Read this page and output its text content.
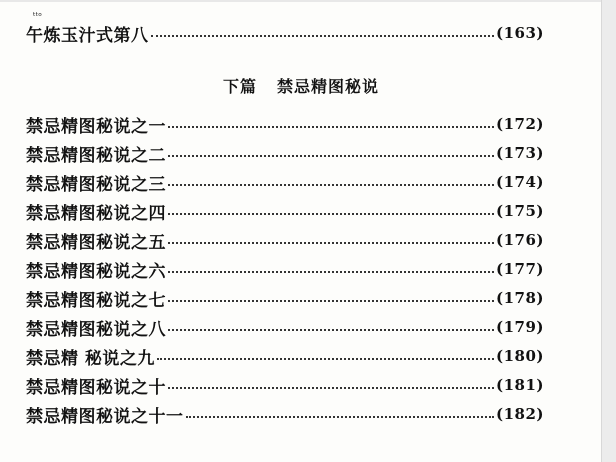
ᵗᵗᵒ
午炼玉汁式第八	(163)
下篇 禁忌精图秘说
禁忌精图秘说之一	(172)
禁忌精图秘说之二	(173)
禁忌精图秘说之三	(174)
禁忌精图秘说之四	(175)
禁忌精图秘说之五	(176)
禁忌精图秘说之六	(177)
禁忌精图秘说之七	(178)
禁忌精图秘说之八	(179)
禁忌精 秘说之九	(180)
禁忌精图秘说之十	(181)
禁忌精图秘说之十一	(182)
